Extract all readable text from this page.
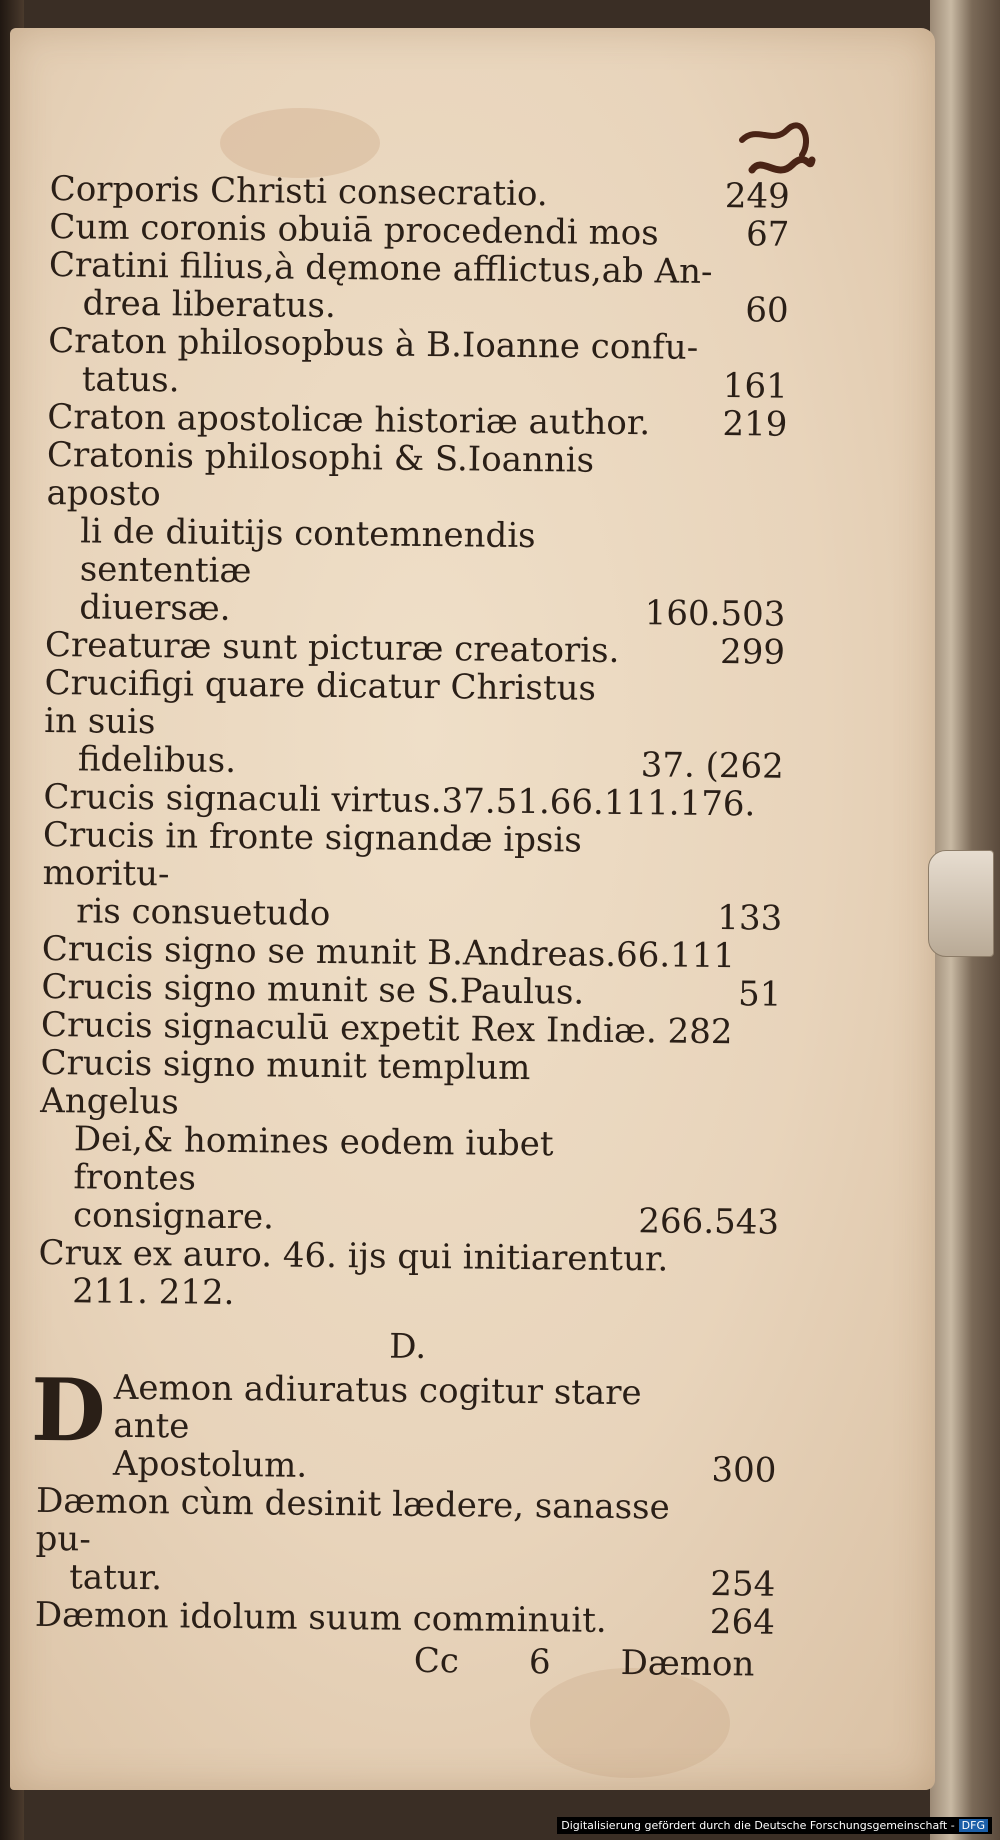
Corporis Christi consecratio.	249
Cum coronis obuiā procedendi mos	67
Cratini filius,à dęmone afflictus,ab An-
drea liberatus.	60
Craton philosopbus à B.Ioanne confu-
tatus.	161
Craton apostolicæ historiæ author.	219
Cratonis philosophi & S.Ioannis aposto
li de diuitijs contemnendis sententiæ
diuersæ.	160.503
Creaturæ sunt picturæ creatoris.	299
Crucifigi quare dicatur Christus in suis
fidelibus.	37. (262
Crucis signaculi virtus.37.51.66.111.176.
Crucis in fronte signandæ ipsis moritu-
ris consuetudo	133
Crucis signo se munit B.Andreas.66.111
Crucis signo munit se S.Paulus.	51
Crucis signaculū expetit Rex Indiæ. 282
Crucis signo munit templum Angelus
Dei,& homines eodem iubet frontes
consignare.	266.543
Crux ex auro. 46. ijs qui initiarentur.
211. 212.
D.
D Aemon adiuratus cogitur stare ante
Apostolum.	300
Dæmon cùm desinit lædere, sanasse pu-
tatur.	254
Dæmon idolum suum comminuit.	264
Cc 6 Dæmon
Digitalisierung gefördert durch die Deutsche Forschungsgemeinschaft - DFG
